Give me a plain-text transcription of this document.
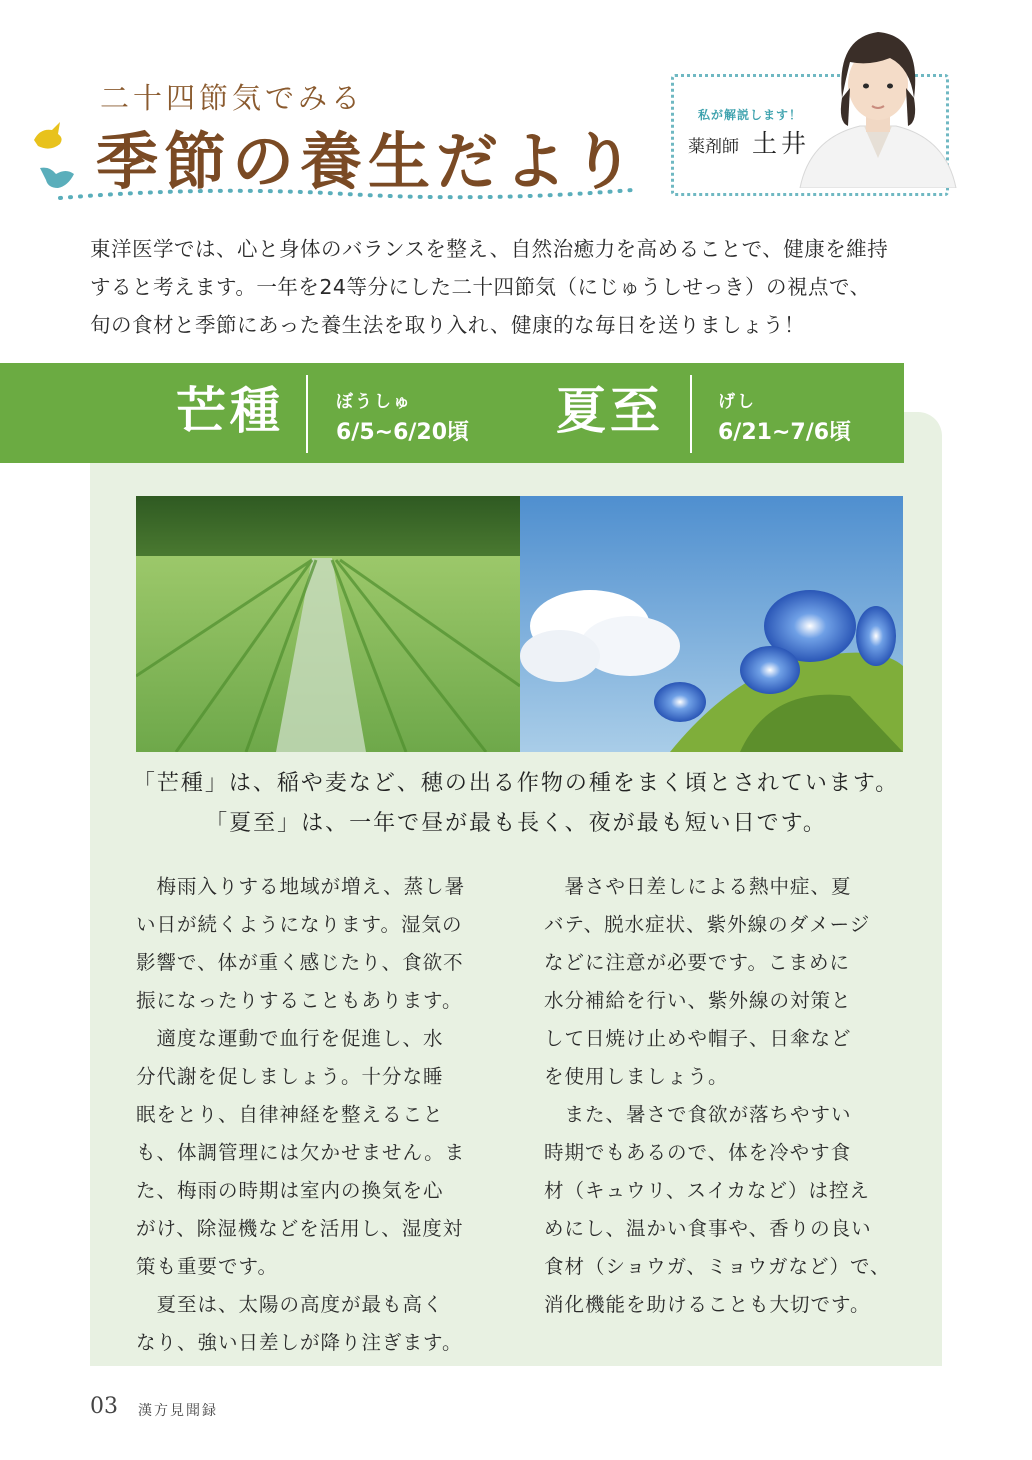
二十四節気でみる
季節の養生だより
私が解説します！
薬剤師 土井

東洋医学では、心と身体のバランスを整え、自然治癒力を高めることで、健康を維持

すると考えます。一年を24等分にした二十四節気（にじゅうしせっき）の視点で、

旬の食材と季節にあった養生法を取り入れ、健康的な毎日を送りましょう！

芒種	ぼうしゅ
6/5~6/20頃 夏至	げし
6/21~7/6頃
「芒種」は、稲や麦など、穂の出る作物の種をまく頃とされています。
「夏至」は、一年で昼が最も長く、夜が最も短い日です。

　梅雨入りする地域が増え、蒸し暑

い日が続くようになります。湿気の

影響で、体が重く感じたり、食欲不

振になったりすることもあります。

　適度な運動で血行を促進し、水

分代謝を促しましょう。十分な睡

眠をとり、自律神経を整えること

も、体調管理には欠かせません。ま

た、梅雨の時期は室内の換気を心

がけ、除湿機などを活用し、湿度対

策も重要です。

　夏至は、太陽の高度が最も高く

なり、強い日差しが降り注ぎます。

　暑さや日差しによる熱中症、夏

バテ、脱水症状、紫外線のダメージ

などに注意が必要です。こまめに

水分補給を行い、紫外線の対策と

して日焼け止めや帽子、日傘など

を使用しましょう。

　また、暑さで食欲が落ちやすい

時期でもあるので、体を冷やす食

材（キュウリ、スイカなど）は控え

めにし、温かい食事や、香りの良い

食材（ショウガ、ミョウガなど）で、

消化機能を助けることも大切です。

03 漢方見聞録
